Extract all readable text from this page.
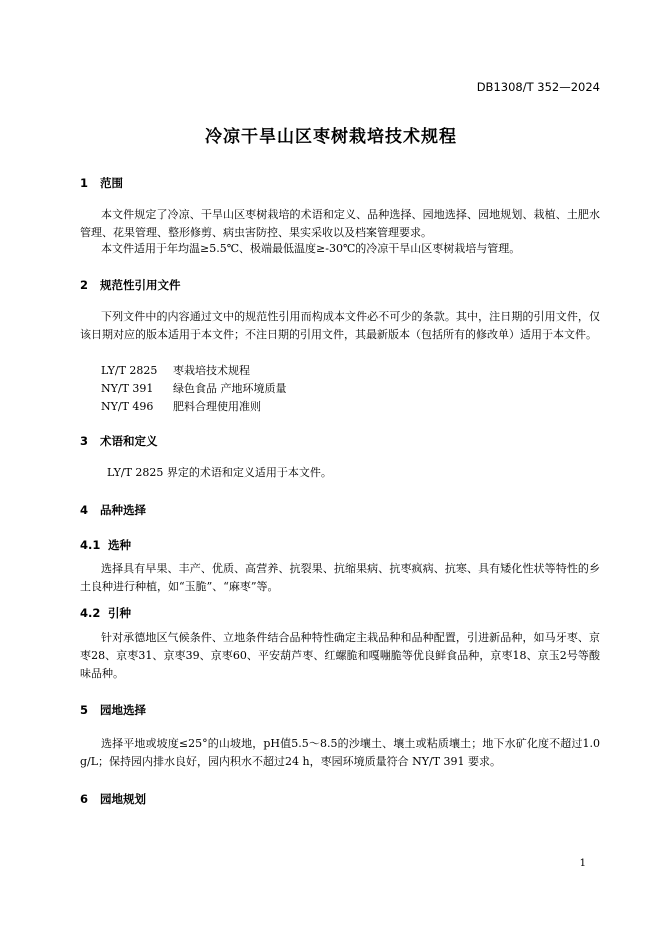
DB1308/T 352—2024
冷凉干旱山区枣树栽培技术规程
1 范围
本文件规定了冷凉、干旱山区枣树栽培的术语和定义、品种选择、园地选择、园地规划、栽植、土肥水管理、花果管理、整形修剪、病虫害防控、果实采收以及档案管理要求。
本文件适用于年均温≥5.5℃、极端最低温度≥-30℃的冷凉干旱山区枣树栽培与管理。
2 规范性引用文件
下列文件中的内容通过文中的规范性引用而构成本文件必不可少的条款。其中，注日期的引用文件，仅该日期对应的版本适用于本文件；不注日期的引用文件，其最新版本（包括所有的修改单）适用于本文件。
LY/T 2825 枣栽培技术规程
NY/T 391 绿色食品 产地环境质量
NY/T 496 肥料合理使用准则
3 术语和定义
LY/T 2825 界定的术语和定义适用于本文件。
4 品种选择
4.1 选种
选择具有早果、丰产、优质、高营养、抗裂果、抗缩果病、抗枣疯病、抗寒、具有矮化性状等特性的乡土良种进行种植，如“玉脆”、“麻枣”等。
4.2 引种
针对承德地区气候条件、立地条件结合品种特性确定主栽品种和品种配置，引进新品种，如马牙枣、京枣28、京枣31、京枣39、京枣60、平安葫芦枣、红螺脆和嘎嘣脆等优良鲜食品种，京枣18、京玉2号等酸味品种。
5 园地选择
选择平地或坡度≤25°的山坡地，pH值5.5～8.5的沙壤土、壤土或粘质壤土；地下水矿化度不超过1.0 g/L；保持园内排水良好，园内积水不超过24 h，枣园环境质量符合 NY/T 391 要求。
6 园地规划
1
